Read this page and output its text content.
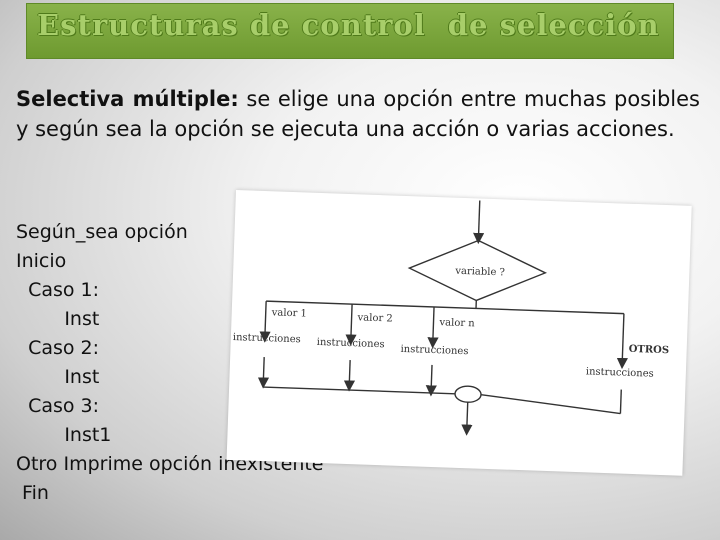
Estructuras de control de selección
Selectiva múltiple: se elige una opción entre muchas posibles y según sea la opción se ejecuta una acción o varias acciones.
Según_sea opción
Inicio
Caso 1:
Inst
Caso 2:
Inst
Caso 3:
Inst1
Otro Imprime opción inexistente
Fin
variable ?
valor 1	valor 2	valor n
OTROS
instrucciones instrucciones
instrucciones
instrucciones
